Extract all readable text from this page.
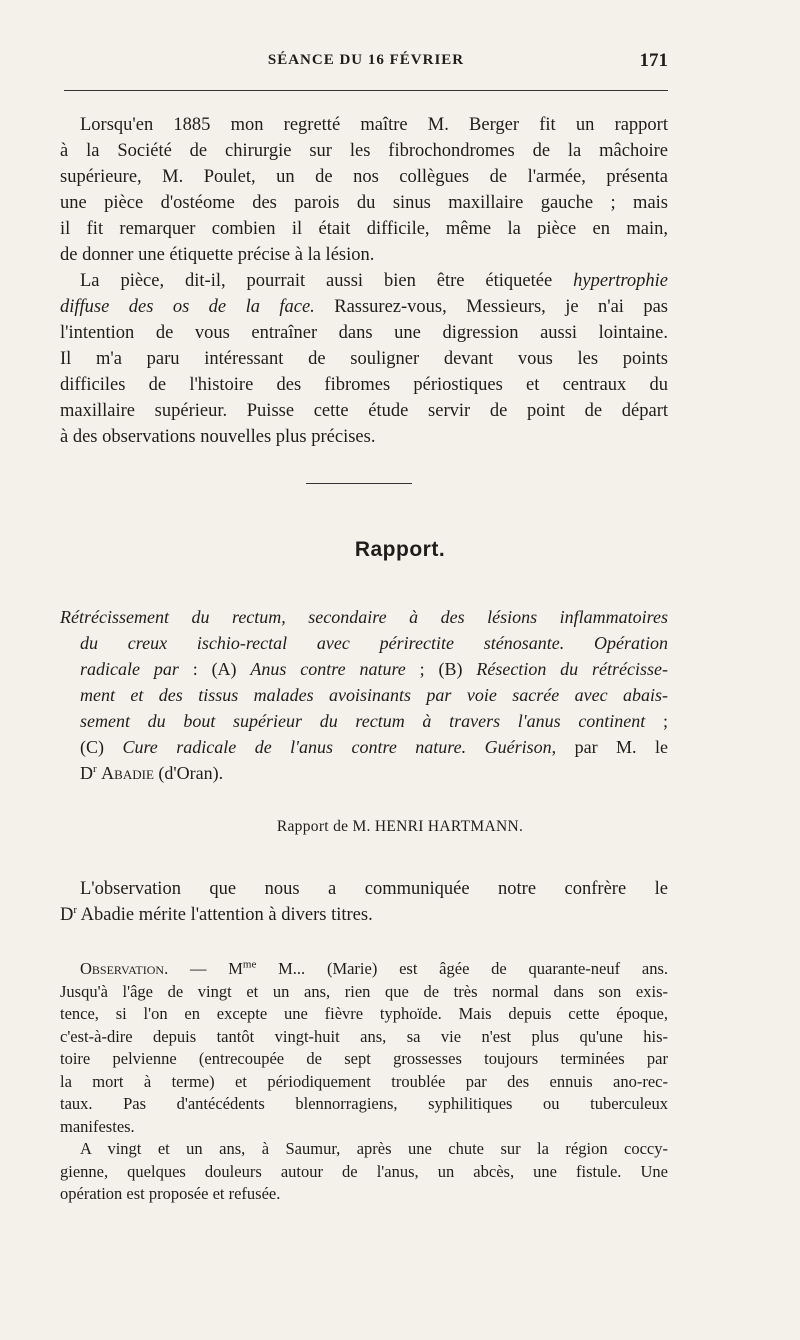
SÉANCE DU 16 FÉVRIER	171

Lorsqu'en 1885 mon regretté maître M. Berger fit un rapport
à la Société de chirurgie sur les fibrochondromes de la mâchoire
supérieure, M. Poulet, un de nos collègues de l'armée, présenta
une pièce d'ostéome des parois du sinus maxillaire gauche ; mais
il fit remarquer combien il était difficile, même la pièce en main,
de donner une étiquette précise à la lésion.

La pièce, dit-il, pourrait aussi bien être étiquetée hypertrophie
diffuse des os de la face. Rassurez-vous, Messieurs, je n'ai pas
l'intention de vous entraîner dans une digression aussi lointaine.
Il m'a paru intéressant de souligner devant vous les points
difficiles de l'histoire des fibromes périostiques et centraux du
maxillaire supérieur. Puisse cette étude servir de point de départ
à des observations nouvelles plus précises.

Rapport.
Rétrécissement du rectum, secondaire à des lésions inflammatoires
du creux ischio-rectal avec périrectite sténosante. Opération
radicale par : (A) Anus contre nature ; (B) Résection du rétrécisse-
ment et des tissus malades avoisinants par voie sacrée avec abais-
sement du bout supérieur du rectum à travers l'anus continent ;
(C) Cure radicale de l'anus contre nature. Guérison, par M. le
$D^r$ Abadie (d'Oran).
Rapport de M. HENRI HARTMANN.

L'observation que nous a communiquée notre confrère le
$D^r$ Abadie mérite l'attention à divers titres.

Observation. — $M^{me}$ M... (Marie) est âgée de quarante-neuf ans.
Jusqu'à l'âge de vingt et un ans, rien que de très normal dans son exis-
tence, si l'on en excepte une fièvre typhoïde. Mais depuis cette époque,
c'est-à-dire depuis tantôt vingt-huit ans, sa vie n'est plus qu'une his-
toire pelvienne (entrecoupée de sept grossesses toujours terminées par
la mort à terme) et périodiquement troublée par des ennuis ano-rec-
taux. Pas d'antécédents blennorragiens, syphilitiques ou tuberculeux
manifestes.
A vingt et un ans, à Saumur, après une chute sur la région coccy-
gienne, quelques douleurs autour de l'anus, un abcès, une fistule. Une
opération est proposée et refusée.
